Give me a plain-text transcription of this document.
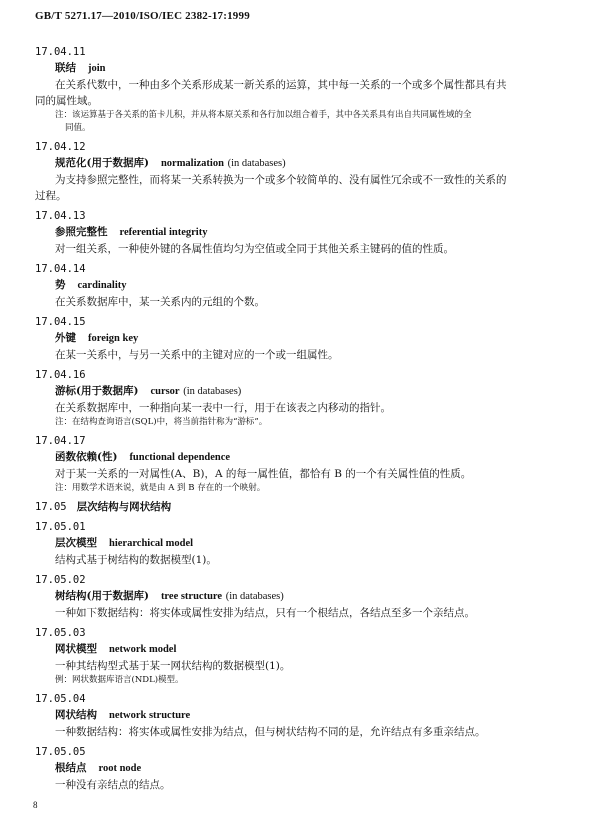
GB/T 5271.17—2010/ISO/IEC 2382-17:1999
17.04.11
联结 join
在关系代数中，一种由多个关系形成某一新关系的运算，其中每一关系的一个或多个属性都具有共
同的属性域。
注：该运算基于各关系的笛卡儿积，并从将本原关系和各行加以组合着手，其中各关系具有出自共同属性域的全
同值。
17.04.12
规范化(用于数据库) normalization (in databases)
为支持参照完整性，而将某一关系转换为一个或多个较简单的、没有属性冗余或不一致性的关系的
过程。
17.04.13
参照完整性 referential integrity
对一组关系，一种使外键的各属性值均匀为空值或全同于其他关系主键码的值的性质。
17.04.14
势 cardinality
在关系数据库中，某一关系内的元组的个数。
17.04.15
外键 foreign key
在某一关系中，与另一关系中的主键对应的一个或一组属性。
17.04.16
游标(用于数据库) cursor (in databases)
在关系数据库中，一种指向某一表中一行，用于在该表之内移动的指针。
注：在结构查询语言(SQL)中，将当前指针称为“游标”。
17.04.17
函数依赖(性) functional dependence
对于某一关系的一对属性(A、B)，A 的每一属性值，都恰有 B 的一个有关属性值的性质。
注：用数学术语来说，就是由 A 到 B 存在的一个映射。
17.05 层次结构与网状结构
17.05.01
层次模型 hierarchical model
结构式基于树结构的数据模型(1)。
17.05.02
树结构(用于数据库) tree structure (in databases)
一种如下数据结构：将实体或属性安排为结点，只有一个根结点，各结点至多一个亲结点。
17.05.03
网状模型 network model
一种其结构型式基于某一网状结构的数据模型(1)。
例：网状数据库语言(NDL)模型。
17.05.04
网状结构 network structure
一种数据结构：将实体或属性安排为结点，但与树状结构不同的是，允许结点有多重亲结点。
17.05.05
根结点 root node
一种没有亲结点的结点。
8
